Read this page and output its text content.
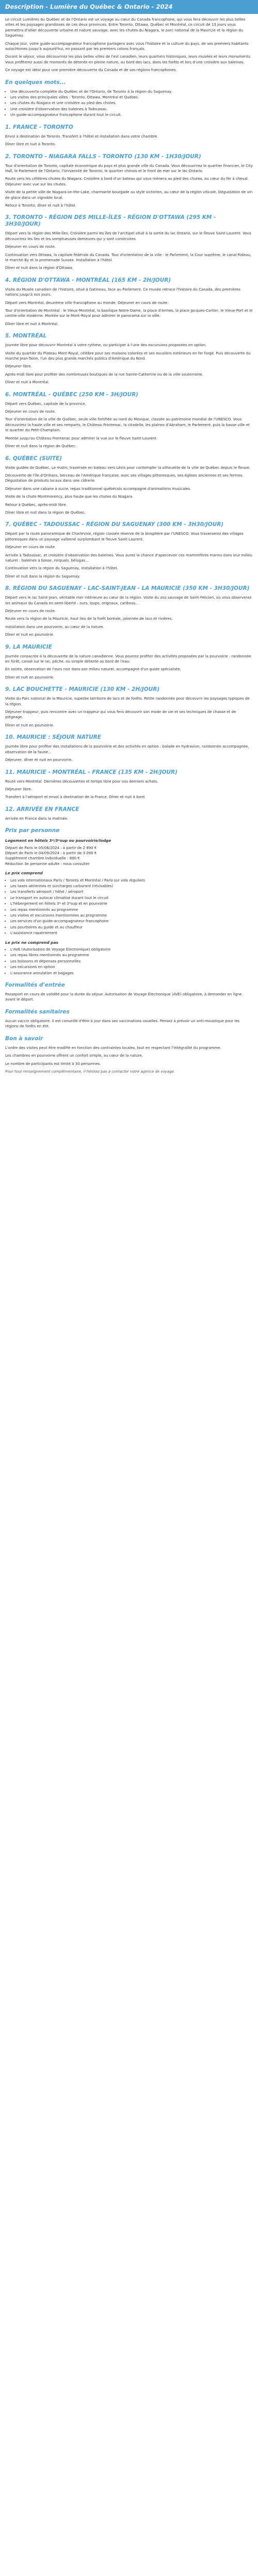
Description - Lumière du Québec & Ontario - 2024

Le circuit Lumières du Québec et de l'Ontario est un voyage au cœur du Canada francophone, qui vous fera découvrir les plus belles villes et les paysages grandioses de ces deux provinces. Entre Toronto, Ottawa, Québec et Montréal, ce circuit de 13 jours vous permettra d'allier découverte urbaine et nature sauvage, avec les chutes du Niagara, le parc national de la Mauricie et la région du Saguenay.

Chaque jour, votre guide-accompagnateur francophone partagera avec vous l'histoire et la culture du pays, de ses premiers habitants autochtones jusqu'à aujourd'hui, en passant par les premiers colons français.

Durant le séjour, vous découvrirez les plus belles villes de l'est canadien, leurs quartiers historiques, leurs musées et leurs monuments. Vous profiterez aussi de moments de détente en pleine nature, au bord des lacs, dans les forêts et lors d'une croisière aux baleines.

Ce voyage est idéal pour une première découverte du Canada et de ses régions francophones.

En quelques mots...
• Une découverte complète du Québec et de l'Ontario, de Toronto à la région du Saguenay.
• Les visites des principales villes : Toronto, Ottawa, Montréal et Québec.
• Les chutes du Niagara et une croisière au pied des chutes.
• Une croisière d'observation des baleines à Tadoussac.
• Un guide-accompagnateur francophone durant tout le circuit.
1. FRANCE - TORONTO

Envol à destination de Toronto. Transfert à l'hôtel et installation dans votre chambre.

Dîner libre et nuit à Toronto.

2. TORONTO - NIAGARA FALLS - TORONTO (130 KM - 1H30/JOUR)

Tour d'orientation de Toronto, capitale économique du pays et plus grande ville du Canada. Vous découvrirez le quartier financier, le City Hall, le Parlement de l'Ontario, l'Université de Toronto, le quartier chinois et le front de mer sur le lac Ontario.

Route vers les célèbres chutes du Niagara. Croisière à bord d'un bateau qui vous mènera au pied des chutes, au cœur du fer à cheval. Déjeuner avec vue sur les chutes.

Visite de la petite ville de Niagara-on-the-Lake, charmante bourgade au style victorien, au cœur de la région viticole. Dégustation de vin de glace dans un vignoble local.

Retour à Toronto, dîner et nuit à l'hôtel.

3. TORONTO - RÉGION DES MILLE-ÎLES - RÉGION D'OTTAWA (295 KM - 3H30/JOUR)

Départ vers la région des Mille-Îles. Croisière parmi les îles de l'archipel situé à la sortie du lac Ontario, sur le fleuve Saint-Laurent. Vous découvrirez les îles et les somptueuses demeures qui y sont construites.

Déjeuner en cours de route.

Continuation vers Ottawa, la capitale fédérale du Canada. Tour d'orientation de la ville : le Parlement, la Cour suprême, le canal Rideau, le marché By et la promenade Sussex. Installation à l'hôtel.

Dîner et nuit dans la région d'Ottawa.

4. RÉGION D'OTTAWA - MONTRÉAL (165 KM - 2H/JOUR)

Visite du Musée canadien de l'histoire, situé à Gatineau, face au Parlement. Ce musée retrace l'histoire du Canada, des premières nations jusqu'à nos jours.

Départ vers Montréal, deuxième ville francophone au monde. Déjeuner en cours de route.

Tour d'orientation de Montréal : le Vieux-Montréal, la basilique Notre-Dame, la place d'Armes, la place Jacques-Cartier, le Vieux-Port et le centre-ville moderne. Montée sur le Mont-Royal pour admirer le panorama sur la ville.

Dîner libre et nuit à Montréal.

5. MONTRÉAL

Journée libre pour découvrir Montréal à votre rythme, ou participer à l'une des excursions proposées en option.

Visite du quartier du Plateau Mont-Royal, célèbre pour ses maisons colorées et ses escaliers extérieurs en fer forgé. Puis découverte du marché Jean-Talon, l'un des plus grands marchés publics d'Amérique du Nord.

Déjeuner libre.

Après-midi libre pour profiter des nombreuses boutiques de la rue Sainte-Catherine ou de la ville souterraine.

Dîner et nuit à Montréal.

6. MONTRÉAL - QUÉBEC (250 KM - 3H/JOUR)

Départ vers Québec, capitale de la province.

Déjeuner en cours de route.

Tour d'orientation de la ville de Québec, seule ville fortifiée au nord du Mexique, classée au patrimoine mondial de l'UNESCO. Vous découvrirez la haute ville et ses remparts, le Château Frontenac, la citadelle, les plaines d'Abraham, le Parlement, puis la basse ville et le quartier du Petit-Champlain.

Montée jusqu'au Château Frontenac pour admirer la vue sur le fleuve Saint-Laurent.

Dîner et nuit dans la région de Québec.

6. QUÉBEC (SUITE)

Visite guidée de Québec. Le matin, traversée en bateau vers Lévis pour contempler la silhouette de la ville de Québec depuis le fleuve.

Découverte de l'île d'Orléans, berceau de l'Amérique française, avec ses villages pittoresques, ses églises anciennes et ses fermes. Dégustation de produits locaux dans une cidrerie.

Déjeuner dans une cabane à sucre, repas traditionnel québécois accompagné d'animations musicales.

Visite de la chute Montmorency, plus haute que les chutes du Niagara.

Retour à Québec, après-midi libre.

Dîner libre et nuit dans la région de Québec.

7. QUÉBEC - TADOUSSAC - RÉGION DU SAGUENAY (300 KM - 3H30/JOUR)

Départ par la route panoramique de Charlevoix, région classée réserve de la biosphère par l'UNESCO. Vous traverserez des villages pittoresques dans un paysage vallonné surplombant le fleuve Saint-Laurent.

Déjeuner en cours de route.

Arrivée à Tadoussac, et croisière d'observation des baleines. Vous aurez la chance d'apercevoir ces mammifères marins dans leur milieu naturel : baleines à bosse, rorquals, bélugas…

Continuation vers la région du Saguenay, installation à l'hôtel.

Dîner et nuit dans la région du Saguenay.

8. RÉGION DU SAGUENAY - LAC-SAINT-JEAN - LA MAURICIE (350 KM - 3H30/JOUR)

Départ vers le lac Saint-Jean, véritable mer intérieure au cœur de la région. Visite du zoo sauvage de Saint-Félicien, où vous observerez les animaux du Canada en semi-liberté : ours, loups, orignaux, caribous…

Déjeuner en cours de route.

Route vers la région de la Mauricie, haut lieu de la forêt boréale, jalonnée de lacs et rivières.

Installation dans une pourvoirie, au cœur de la nature.

Dîner et nuit en pourvoirie.

9. LA MAURICIE

Journée consacrée à la découverte de la nature canadienne. Vous pourrez profiter des activités proposées par la pourvoirie : randonnée en forêt, canoë sur le lac, pêche, ou simple détente au bord de l'eau.

En soirée, observation de l'ours noir dans son milieu naturel, accompagné d'un guide spécialiste.

Dîner et nuit en pourvoirie.

9. LAC BOUCHETTE - MAURICIE (130 KM - 2H/JOUR)

Visite du Parc national de la Mauricie, superbe territoire de lacs et de forêts. Petite randonnée pour découvrir les paysages typiques de la région.

Déjeuner trappeur, puis rencontre avec un trappeur qui vous fera découvrir son mode de vie et ses techniques de chasse et de piégeage.

Dîner et nuit en pourvoirie.

10. MAURICIE : SÉJOUR NATURE

Journée libre pour profiter des installations de la pourvoirie et des activités en option : balade en hydravion, randonnée accompagnée, observation de la faune…

Déjeuner, dîner et nuit en pourvoirie.

11. MAURICIE - MONTRÉAL - FRANCE (135 KM - 2H/JOUR)

Route vers Montréal. Dernières découvertes et temps libre pour vos derniers achats.

Déjeuner libre.

Transfert à l'aéroport et envol à destination de la France. Dîner et nuit à bord.

12. ARRIVÉE EN FRANCE

Arrivée en France dans la matinée.

Prix par personne
Logement en hôtels 3*/3*sup ou pourvoirie/lodge
Départ de Paris le 05/06/2024 : à partir de 2 890 €
Départ de Paris le 04/09/2024 : à partir de 3 090 €
Supplément chambre individuelle : 890 €
Réduction 3e personne adulte : nous consulter
Le prix comprend
• Les vols internationaux Paris / Toronto et Montréal / Paris sur vols réguliers
• Les taxes aériennes et surcharges carburant (révisables)
• Les transferts aéroport / hôtel / aéroport
• Le transport en autocar climatisé durant tout le circuit
• L'hébergement en hôtels 3* et 3*sup et en pourvoirie
• Les repas mentionnés au programme
• Les visites et excursions mentionnées au programme
• Les services d'un guide-accompagnateur francophone
• Les pourboires au guide et au chauffeur
• L'assistance rapatriement
Le prix ne comprend pas
• L'AVE (Autorisation de Voyage Électronique) obligatoire
• Les repas libres mentionnés au programme
• Les boissons et dépenses personnelles
• Les excursions en option
• L'assurance annulation et bagages
Formalités d'entrée

Passeport en cours de validité pour la durée du séjour. Autorisation de Voyage Électronique (AVE) obligatoire, à demander en ligne avant le départ.

Formalités sanitaires

Aucun vaccin obligatoire. Il est conseillé d'être à jour dans ses vaccinations usuelles. Pensez à prévoir un anti-moustique pour les régions de forêts en été.

Bon à savoir

L'ordre des visites peut être modifié en fonction des contraintes locales, tout en respectant l'intégralité du programme.

Les chambres en pourvoirie offrent un confort simple, au cœur de la nature.

Le nombre de participants est limité à 30 personnes.

Pour tout renseignement complémentaire, n'hésitez pas à contacter votre agence de voyage.
